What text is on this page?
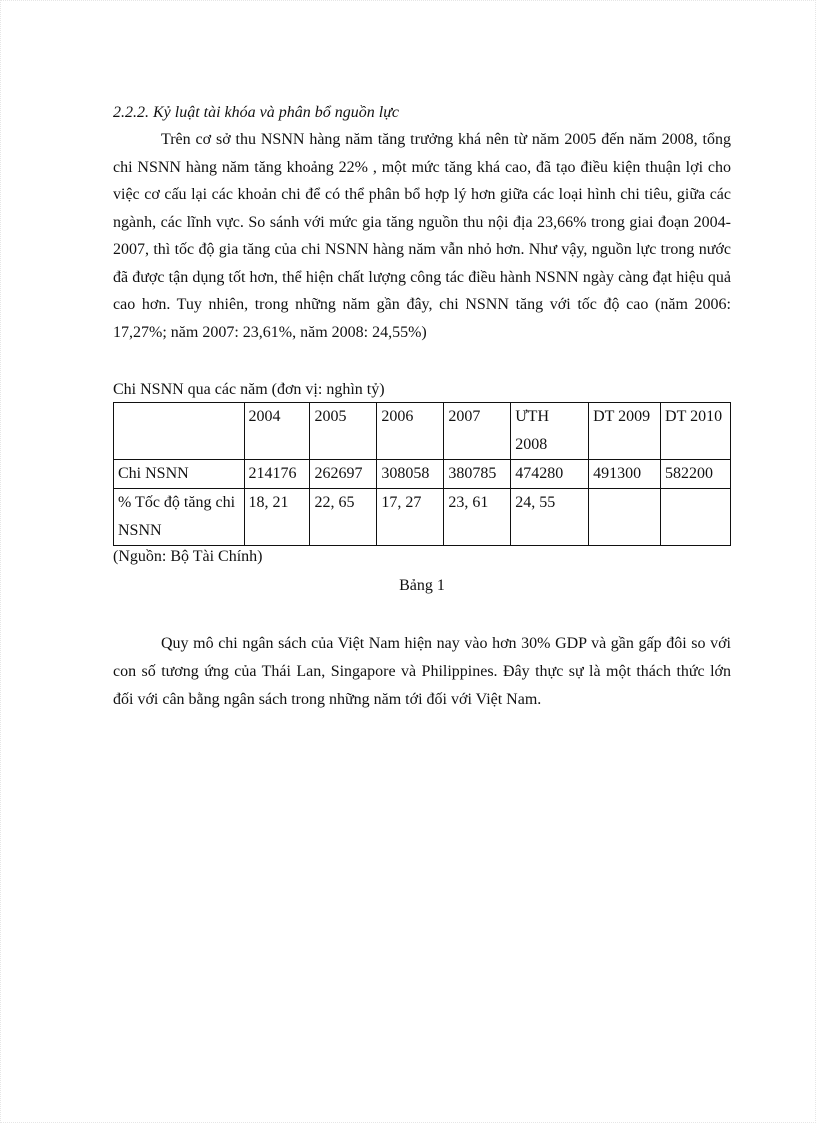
2.2.2. Kỷ luật tài khóa và phân bổ nguồn lực

Trên cơ sở thu NSNN hàng năm tăng trưởng khá nên từ năm 2005 đến năm 2008, tổng chi NSNN hàng năm tăng khoảng 22% , một mức tăng khá cao, đã tạo điều kiện thuận lợi cho việc cơ cấu lại các khoản chi để có thể phân bổ hợp lý hơn giữa các loại hình chi tiêu, giữa các ngành, các lĩnh vực. So sánh với mức gia tăng nguồn thu nội địa 23,66% trong giai đoạn 2004-2007, thì tốc độ gia tăng của chi NSNN hàng năm vẫn nhỏ hơn. Như vậy, nguồn lực trong nước đã được tận dụng tốt hơn, thể hiện chất lượng công tác điều hành NSNN ngày càng đạt hiệu quả cao hơn. Tuy nhiên, trong những năm gần đây, chi NSNN tăng với tốc độ cao (năm 2006: 17,27%; năm 2007: 23,61%, năm 2008: 24,55%)

Chi NSNN qua các năm (đơn vị: nghìn tỷ)

	2004	2005	2006	2007	ƯTH 2008	DT 2009	DT 2010
Chi NSNN	214176	262697	308058	380785	474280	491300	582200
% Tốc độ tăng chi NSNN	18, 21	22, 65	17, 27	23, 61	24, 55		

(Nguồn: Bộ Tài Chính)

Bảng 1

Quy mô chi ngân sách của Việt Nam hiện nay vào hơn 30% GDP và gần gấp đôi so với con số tương ứng của Thái Lan, Singapore và Philippines. Đây thực sự là một thách thức lớn đối với cân bằng ngân sách trong những năm tới đối với Việt Nam.
